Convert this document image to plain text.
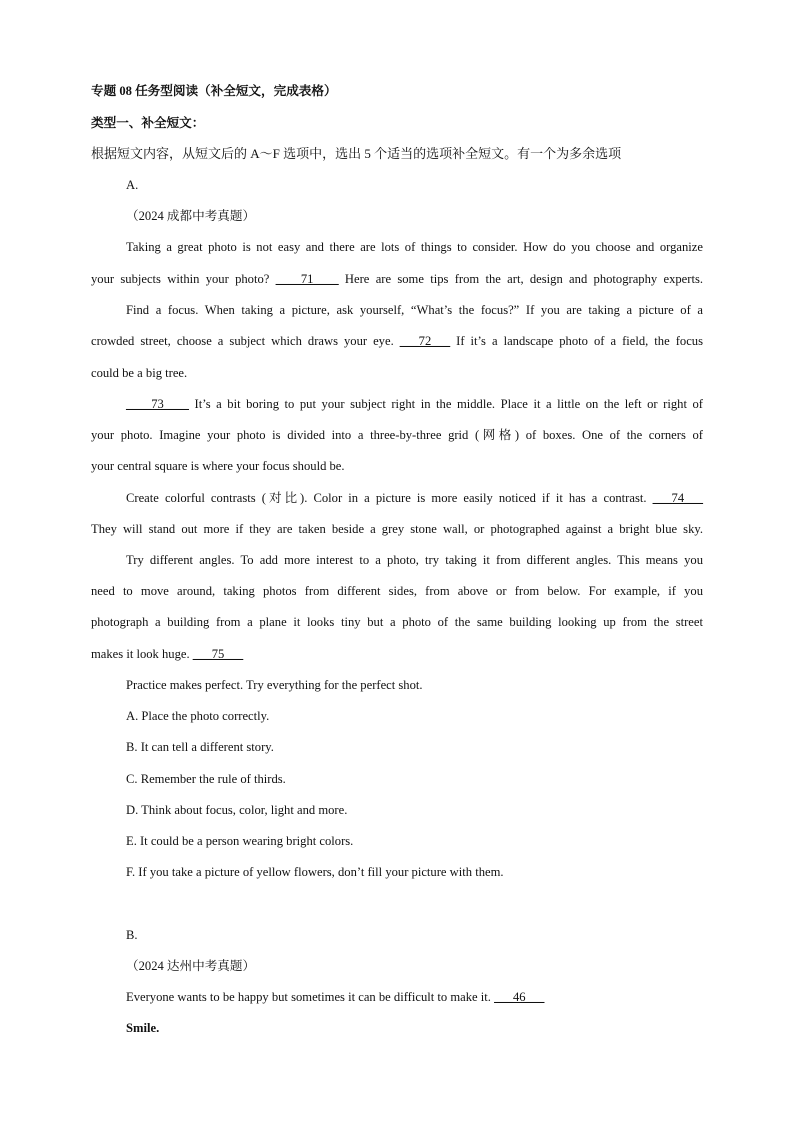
专题 08 任务型阅读（补全短文，完成表格）
类型一、补全短文：
根据短文内容，从短文后的 A～F 选项中，选出 5 个适当的选项补全短文。有一个为多余选项
A.
（2024 成都中考真题）
Taking a great photo is not easy and there are lots of things to consider. How do you choose and organize
your subjects within your photo? ____71____ Here are some tips from the art, design and photography experts.
Find a focus. When taking a picture, ask yourself, “What’s the focus?” If you are taking a picture of a
crowded street, choose a subject which draws your eye. ___72___ If it’s a landscape photo of a field, the focus
could be a big tree.
____73____ It’s a bit boring to put your subject right in the middle. Place it a little on the left or right of
your photo. Imagine your photo is divided into a three-by-three grid (网格) of boxes. One of the corners of
your central square is where your focus should be.
Create colorful contrasts (对比). Color in a picture is more easily noticed if it has a contrast. ___74___
They will stand out more if they are taken beside a grey stone wall, or photographed against a bright blue sky.
Try different angles. To add more interest to a photo, try taking it from different angles. This means you
need to move around, taking photos from different sides, from above or from below. For example, if you
photograph a building from a plane it looks tiny but a photo of the same building looking up from the street
makes it look huge. ___75___
Practice makes perfect. Try everything for the perfect shot.
A. Place the photo correctly.
B. It can tell a different story.
C. Remember the rule of thirds.
D. Think about focus, color, light and more.
E. It could be a person wearing bright colors.
F. If you take a picture of yellow flowers, don’t fill your picture with them.
B.
（2024 达州中考真题）
Everyone wants to be happy but sometimes it can be difficult to make it. ___46___
Smile.
